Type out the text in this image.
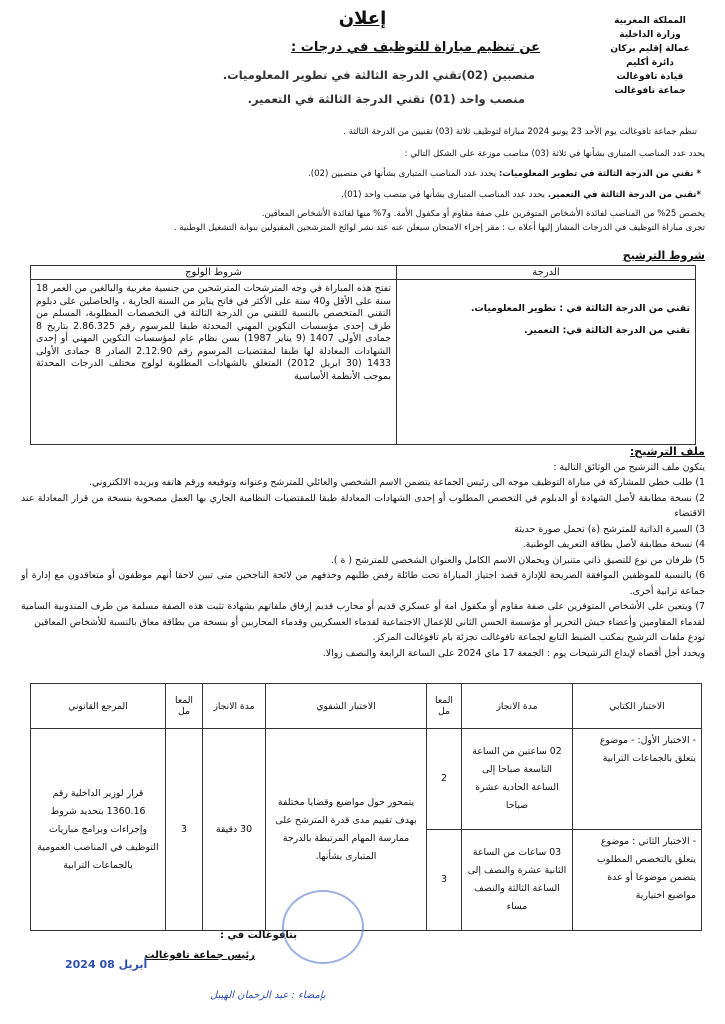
المملكة المغربية
وزارة الداخلية
عمالة إقليم بركان
دائرة أكليم
قيادة تافوغالت
جماعة تافوغالت
إعلان
عن تنظيم مباراة للتوظيف في درجات :
منصبين (02)تقني الدرجة الثالثة في تطوير المعلوميات.
منصب واحد (01) تقني الدرجة الثالثة في التعمير.
تنظم جماعة تافوغالت يوم الأحد 23 يونيو 2024 مباراة لتوظيف ثلاثة (03) تقنيين من الدرجة الثالثة .
يحدد عدد المناصب المتبارى بشأنها في ثلاثة (03) مناصب موزعة على الشكل التالي :
* تقني من الدرجة الثالثة في تطوير المعلوميات: يحدد عدد المناصب المتبارى بشأنها في منصبين (02).
*تقني من الدرجة الثالثة في التعمير. يحدد عدد المناصب المتبارى بشأنها في منصب واحد (01).
يخصص 25% من المناصب لفائدة الأشخاص المتوفرين على صفة مقاوم أو مكفول الأمة. و7% منها لفائدة الأشخاص المعاقين.
تجرى مباراة التوظيف في الدرجات المشار إليها أعلاه ب : مقر إجراء الامتحان سيعلن عنه عند نشر لوائح المترشحين المقبولين ببوابة التشغيل الوطنية .
شروط الترشيح
الدرجة	شروط الولوج

تقني من الدرجة الثالثة في : تطوير المعلوميات.
تقني من الدرجة الثالثة في: التعمير.	تفتح هذه المباراة في وجه المترشحات المترشحين من جنسية مغربية والبالغين من العمر 18 سنة على الأقل و40 سنة على الأكثر في فاتح يناير من السنة الجارية ، والحاصلين على دبلوم التقني المتخصص بالنسبة للتقني من الدرجة الثالثة في التخصصات المطلوبة، المسلم من طرف إحدى مؤسسات التكوين المهني المحدثة طبقا للمرسوم رقم 2.86.325 بتاريخ 8 جمادى الأولى 1407 (9 يناير 1987) بسن نظام عام لمؤسسات التكوين المهني أو إحدى الشهادات المعادلة لها طبقا لمقتضيات المرسوم رقم 2.12.90 الصادر 8 جمادى الأولى 1433 (30 ابريل 2012) المتعلق بالشهادات المطلوبة لولوج مختلف الدرجات المحدثة بموجب الأنظمة الأساسية

ملف الترشيح:

يتكون ملف الترشيح من الوثائق التالية :

1) طلب خطي للمشاركة في مباراة التوظيف موجه الى رئيس الجماعة يتضمن الاسم الشخصي والعائلي للمترشح وعنوانه وتوقيعه ورقم هاتفه وبريده الالكتروني.

2) نسخة مطابقة لأصل الشهادة أو الدبلوم في التخصص المطلوب أو إحدى الشهادات المعادلة طبقا للمقتضيات النظامية الجاري بها العمل مصحوبة بنسخة من قرار المعادلة عند الاقتضاء

3) السيرة الذاتية للمترشح (ة) تحمل صورة حديثة

4) نسخة مطابقة لأصل بطاقة التعريف الوطنية.

5) ظرفان من نوع للتصيق ذاتي متنبران ويحملان الاسم الكامل والعنوان الشخصي للمترشح ( ة ).

6) بالنسبة للموظفين الموافقة الصريحة للإدارة قصد اجتياز المباراة تحت طائلة رفض طلبهم وحذفهم من لائحة الناجحين متى تبين لاحقا أنهم موظفون أو متعاقدون مع إدارة أو جماعة ترابية أخرى.

7) ويتعين على الأشخاص المتوفرين على صفة مقاوم أو مكفول امة أو عسكري قديم أو محارب قديم إرفاق ملفاتهم بشهادة تثبت هذه الصفة مسلمة من طرف المندوبية السامية لقدماء المقاومين وأعضاء جيش التحرير أو مؤسسة الحسن الثاني للإعمال الاجتماعية لقدماء العسكريين وقدماء المحاربين أو بنسخة من بطاقة معاق بالنسبة للأشخاص المعاقين

تودع ملفات الترشيح بمكتب الضبط التابع لجماعة تافوغالت تجزئة بام تافوغالت المركز.

ويحدد أجل أقصاه لإيداع الترشيحات يوم : الجمعة 17 ماي 2024 على الساعة الرابعة والنصف زوالا.

الاختبار الكتابي	مدة الانجاز	المعا مل	الاختبار الشفوي	مدة الانجاز	المعا مل	المرجع القانوني
- الاختبار الأول: - موضوع يتعلق بالجماعات الترابية	02 ساعتين من الساعة التاسعة صباحا إلى الساعة الحادية عشرة صباحا	2	يتمحور حول مواضيع وقضايا مختلفة بهدف تقييم مدى قدرة المترشح على ممارسة المهام المرتبطة بالدرجة المتبارى بشأنها.	30 دقيقة	3	قرار لوزير الداخلية رقم 1360.16 بتحديد شروط وإجراءات وبرامج مباريات التوظيف في المناصب العمومية بالجماعات الترابية
- الاختبار الثاني : موضوع يتعلق بالتخصص المطلوب يتضمن موضوعا أو عدة مواضيع اختيارية	03 ساعات من الساعة الثانية عشرة والنصف إلى الساعة الثالثة والنصف مساء	3				
بتافوغالت في :
رئيس جماعة تافوغالت
2024 أبريل 08
بإمضاء : عبد الرحمان الهيبل
